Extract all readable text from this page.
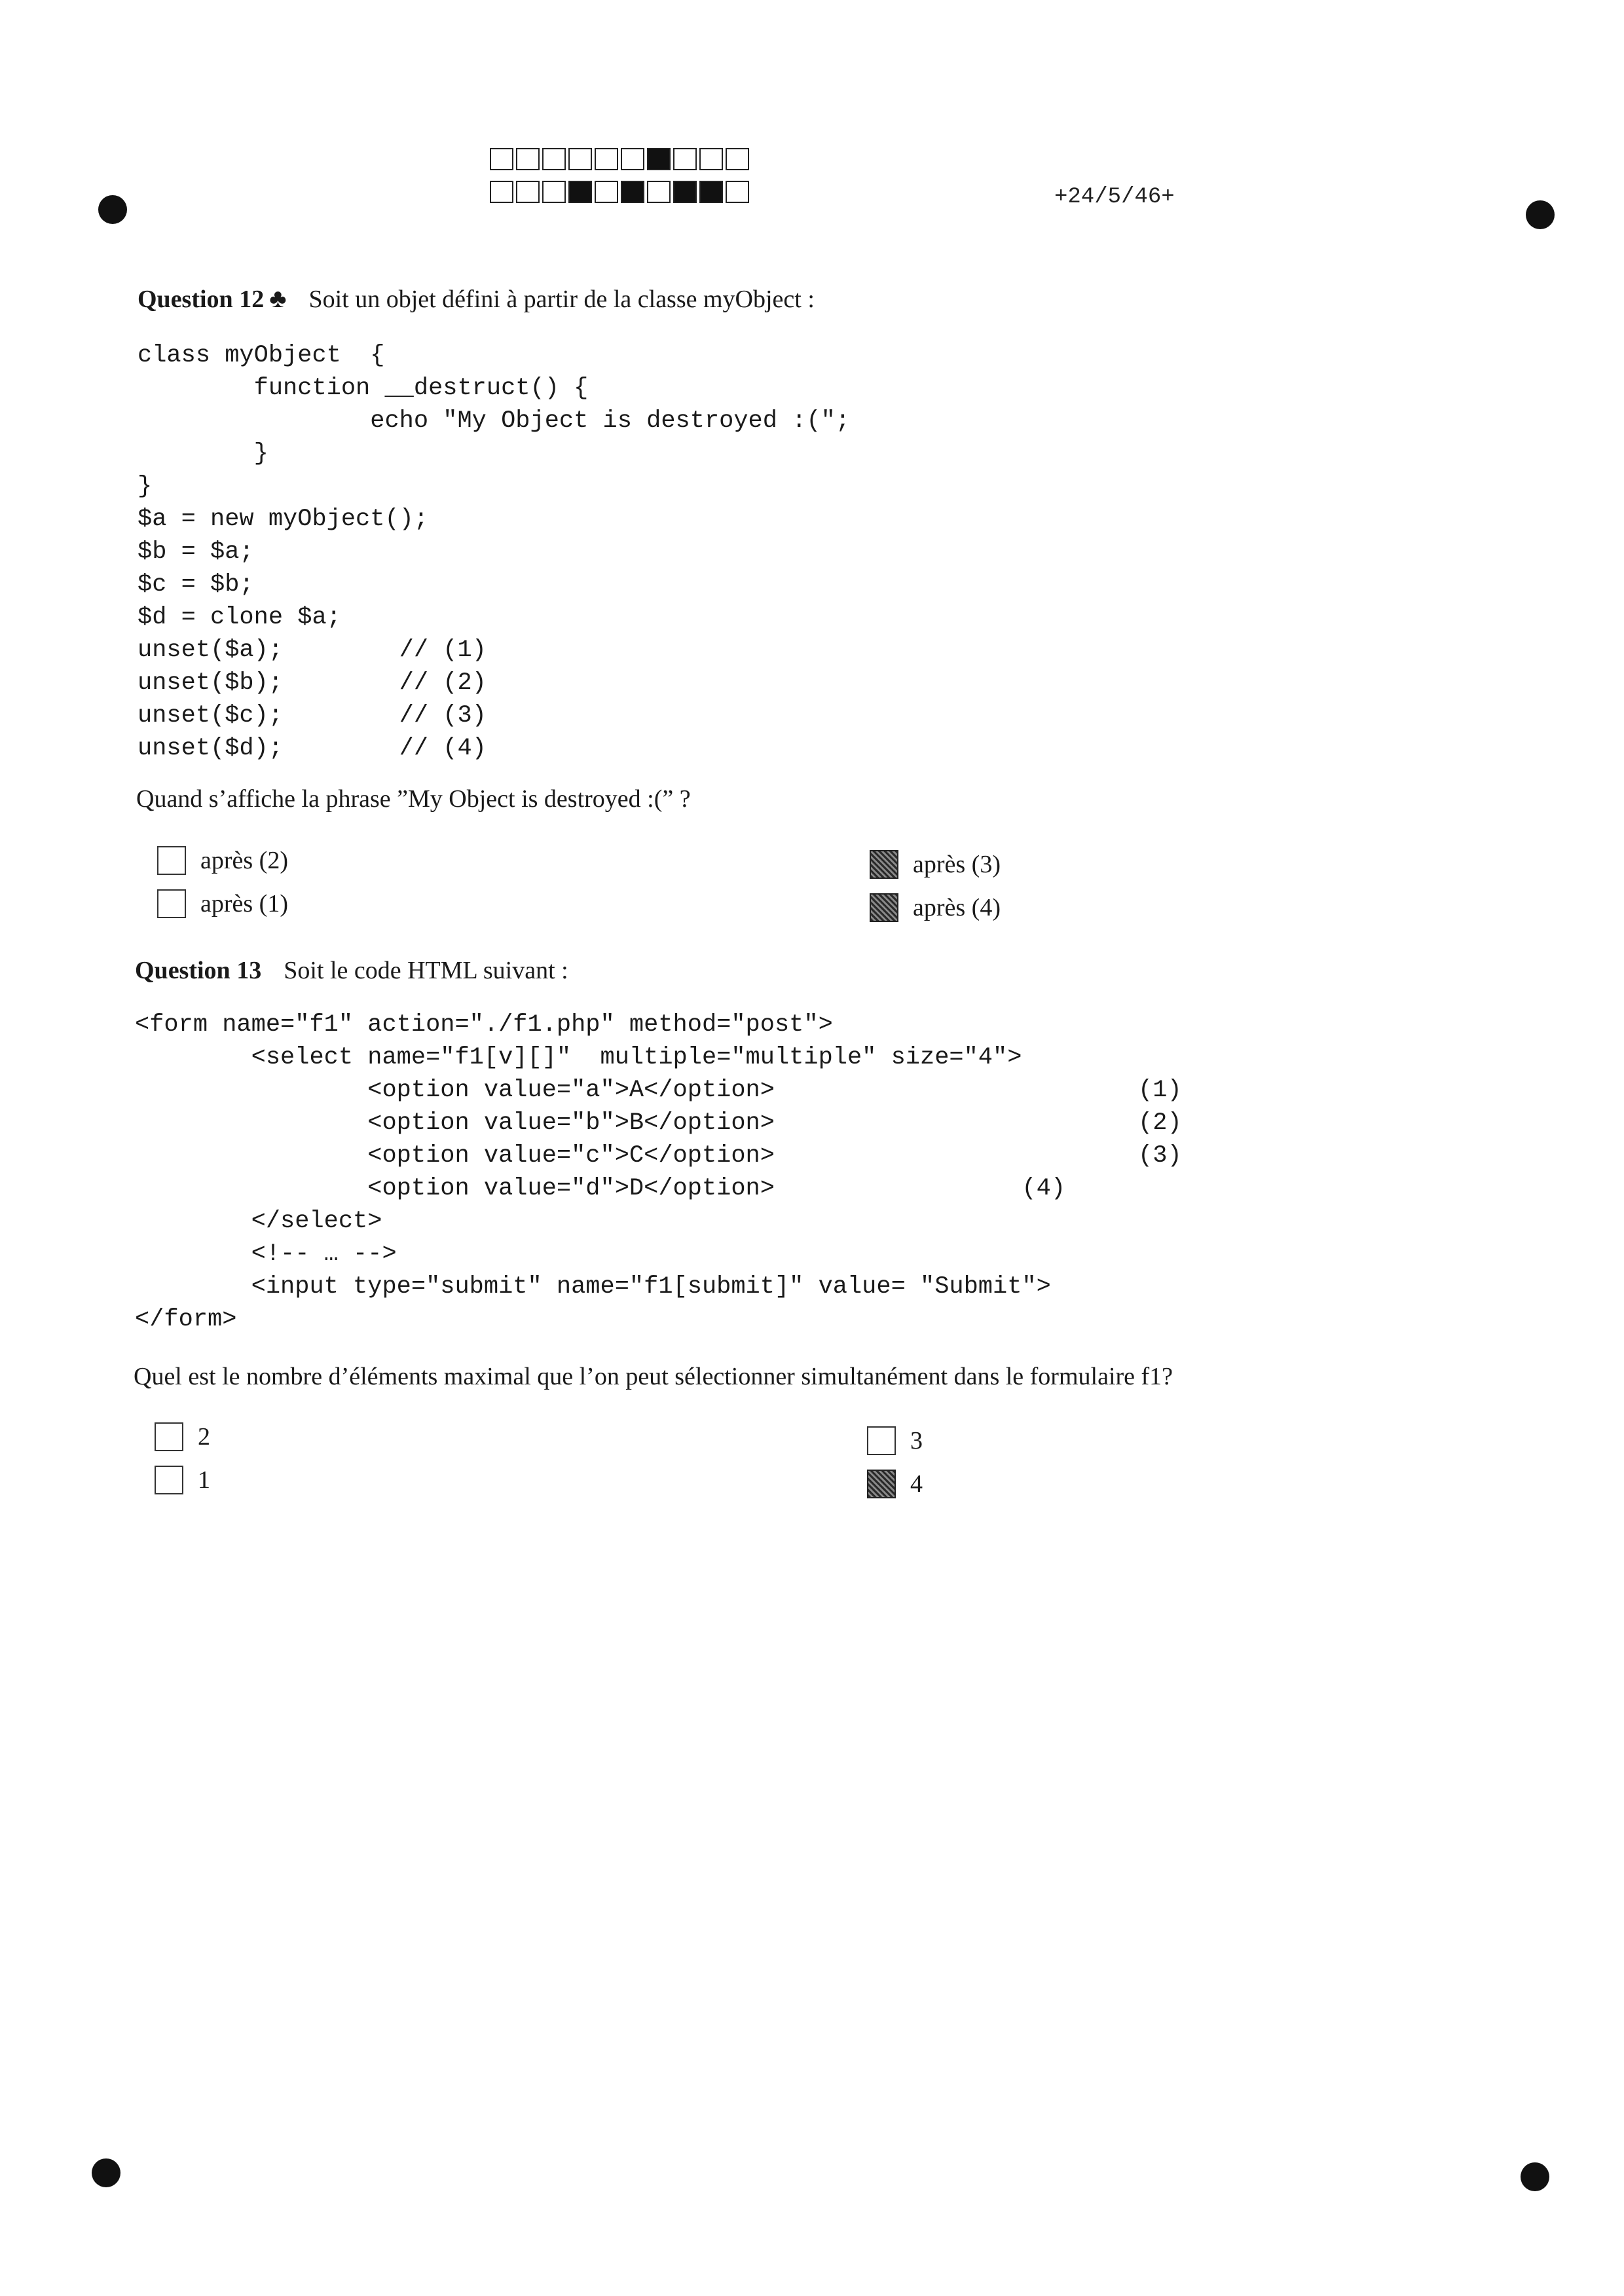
+24/5/46+
Question 12 ♣ Soit un objet défini à partir de la classe myObject :
class myObject  {
function __destruct() {
echo "My Object is destroyed :(";
}
}
$a = new myObject();
$b = $a;
$c = $b;
$d = clone $a;
unset($a);        // (1)
unset($b);        // (2)
unset($c);        // (3)
unset($d);        // (4)
Quand s’affiche la phrase ”My Object is destroyed :(” ?
après (2)
après (1)
après (3)
après (4)
Question 13 Soit le code HTML suivant :
<form name="f1" action="./f1.php" method="post">
<select name="f1[v][]"  multiple="multiple" size="4">
<option value="a">A</option>                         (1)
<option value="b">B</option>                         (2)
<option value="c">C</option>                         (3)
<option value="d">D</option>                 (4)
</select>
<!-- … -->
<input type="submit" name="f1[submit]" value= "Submit">
</form>
Quel est le nombre d’éléments maximal que l’on peut sélectionner simultanément dans le formulaire f1?
2
1
3
4
